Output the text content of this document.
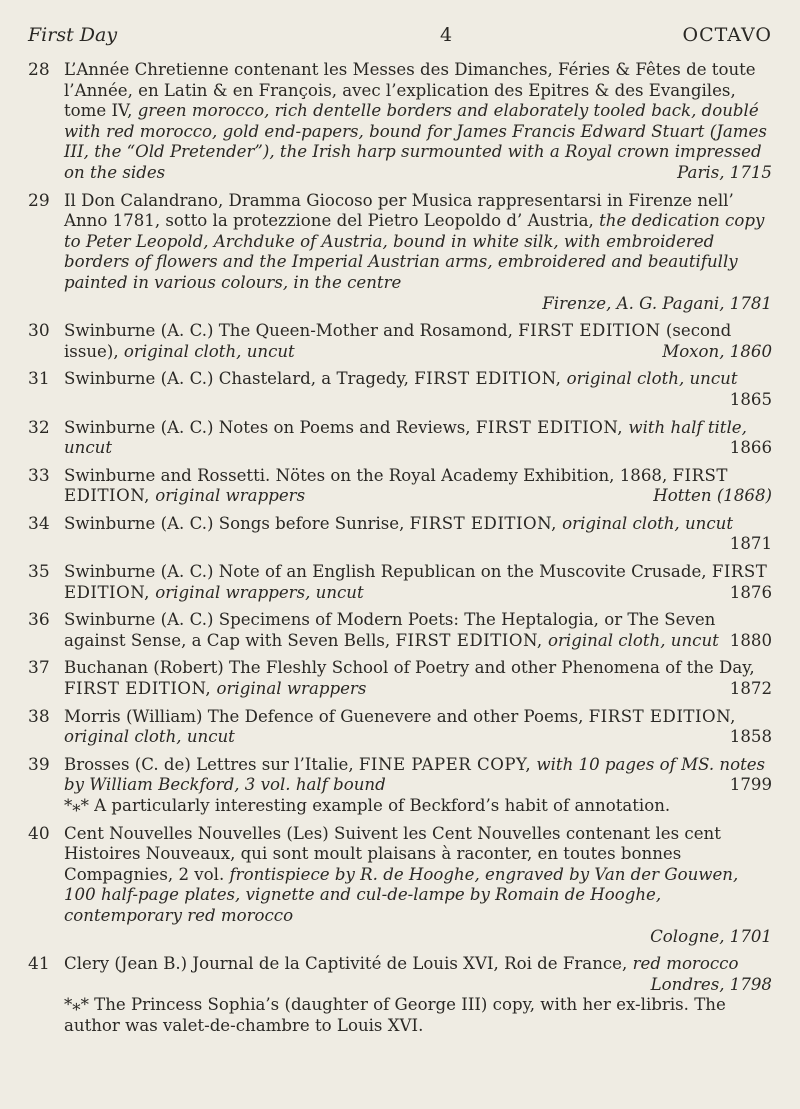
First Day	4	OCTAVO
28 L’Année Chretienne contenant les Messes des Dimanches, Féries & Fêtes de toute l’Année, en Latin & en François, avec l’explication des Epitres & des Evangiles, tome IV, green morocco, rich dentelle borders and elaborately tooled back, doublé with red morocco, gold end-papers, bound for James Francis Edward Stuart (James III, the “Old Pretender”), the Irish harp surmounted with a Royal crown impressed on the sides	Paris, 1715
29 Il Don Calandrano, Dramma Giocoso per Musica rappresentarsi in Firenze nell’ Anno 1781, sotto la protezzione del Pietro Leopoldo d’ Austria, the dedication copy to Peter Leopold, Archduke of Austria, bound in white silk, with embroidered borders of flowers and the Imperial Austrian arms, embroidered and beautifully painted in various colours, in the centre
Firenze, A. G. Pagani, 1781
30 Swinburne (A. C.) The Queen-Mother and Rosamond, FIRST EDITION (second issue), original cloth, uncut	Moxon, 1860
31 Swinburne (A. C.) Chastelard, a Tragedy, FIRST EDITION, original cloth, uncut
1865
32 Swinburne (A. C.) Notes on Poems and Reviews, FIRST EDITION, with half title, uncut	1866
33 Swinburne and Rossetti. Nötes on the Royal Academy Exhibition, 1868, FIRST EDITION, original wrappers	Hotten (1868)
34 Swinburne (A. C.) Songs before Sunrise, FIRST EDITION, original cloth, uncut
1871
35 Swinburne (A. C.) Note of an English Republican on the Muscovite Crusade, FIRST EDITION, original wrappers, uncut	1876
36 Swinburne (A. C.) Specimens of Modern Poets: The Heptalogia, or The Seven against Sense, a Cap with Seven Bells, FIRST EDITION, original cloth, uncut 1880
37 Buchanan (Robert) The Fleshly School of Poetry and other Phenomena of the Day, FIRST EDITION, original wrappers	1872
38 Morris (William) The Defence of Guenevere and other Poems, FIRST EDITION, original cloth, uncut	1858
39 Brosses (C. de) Lettres sur l’Italie, FINE PAPER COPY, with 10 pages of MS. notes by William Beckford, 3 vol. half bound	1799
*⁎* A particularly interesting example of Beckford’s habit of annotation.
40 Cent Nouvelles Nouvelles (Les) Suivent les Cent Nouvelles contenant les cent Histoires Nouveaux, qui sont moult plaisans à raconter, en toutes bonnes Compagnies, 2 vol. frontispiece by R. de Hooghe, engraved by Van der Gouwen, 100 half-page plates, vignette and cul-de-lampe by Romain de Hooghe, contemporary red morocco
Cologne, 1701
41 Clery (Jean B.) Journal de la Captivité de Louis XVI, Roi de France, red morocco
Londres, 1798
*⁎* The Princess Sophia’s (daughter of George III) copy, with her ex-libris. The author was valet-de-chambre to Louis XVI.
